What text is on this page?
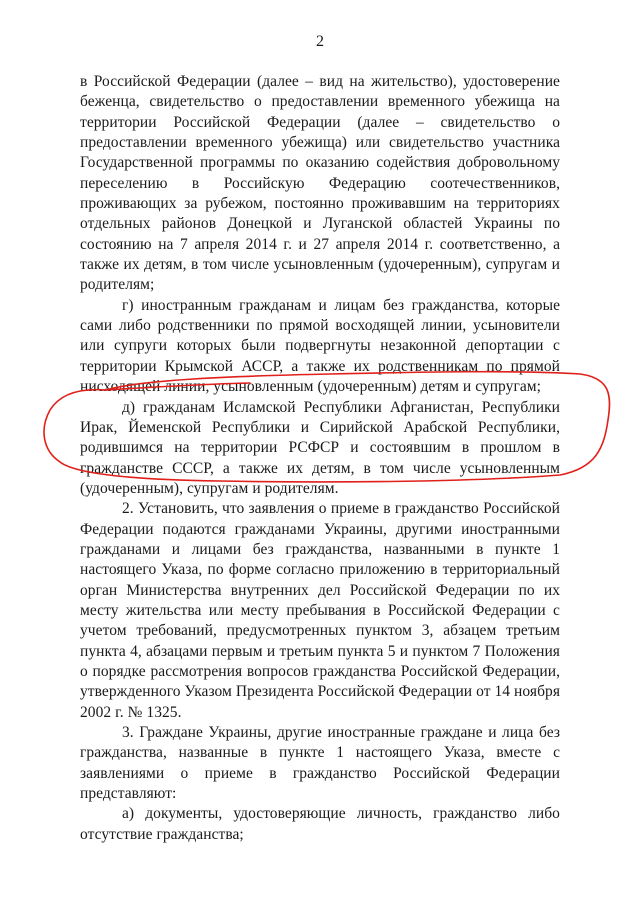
2

в Российской Федерации (далее – вид на жительство), удостоверение беженца, свидетельство о предоставлении временного убежища на территории Российской Федерации (далее – свидетельство о предоставлении временного убежища) или свидетельство участника Государственной программы по оказанию содействия добровольному переселению в Российскую Федерацию соотечественников, проживающих за рубежом, постоянно проживавшим на территориях отдельных районов Донецкой и Луганской областей Украины по состоянию на 7 апреля 2014 г. и 27 апреля 2014 г. соответственно, а также их детям, в том числе усыновленным (удочеренным), супругам и родителям;

г) иностранным гражданам и лицам без гражданства, которые сами либо родственники по прямой восходящей линии, усыновители или супруги которых были подвергнуты незаконной депортации с территории Крымской АССР, а также их родственникам по прямой нисходящей линии, усыновленным (удочеренным) детям и супругам;

д) гражданам Исламской Республики Афганистан, Республики Ирак, Йеменской Республики и Сирийской Арабской Республики, родившимся на территории РСФСР и состоявшим в прошлом в гражданстве СССР, а также их детям, в том числе усыновленным (удочеренным), супругам и родителям.

2. Установить, что заявления о приеме в гражданство Российской Федерации подаются гражданами Украины, другими иностранными гражданами и лицами без гражданства, названными в пункте 1 настоящего Указа, по форме согласно приложению в территориальный орган Министерства внутренних дел Российской Федерации по их месту жительства или месту пребывания в Российской Федерации с учетом требований, предусмотренных пунктом 3, абзацем третьим пункта 4, абзацами первым и третьим пункта 5 и пунктом 7 Положения о порядке рассмотрения вопросов гражданства Российской Федерации, утвержденного Указом Президента Российской Федерации от 14 ноября 2002 г. № 1325.

3. Граждане Украины, другие иностранные граждане и лица без гражданства, названные в пункте 1 настоящего Указа, вместе с заявлениями о приеме в гражданство Российской Федерации представляют:

а) документы, удостоверяющие личность, гражданство либо отсутствие гражданства;
